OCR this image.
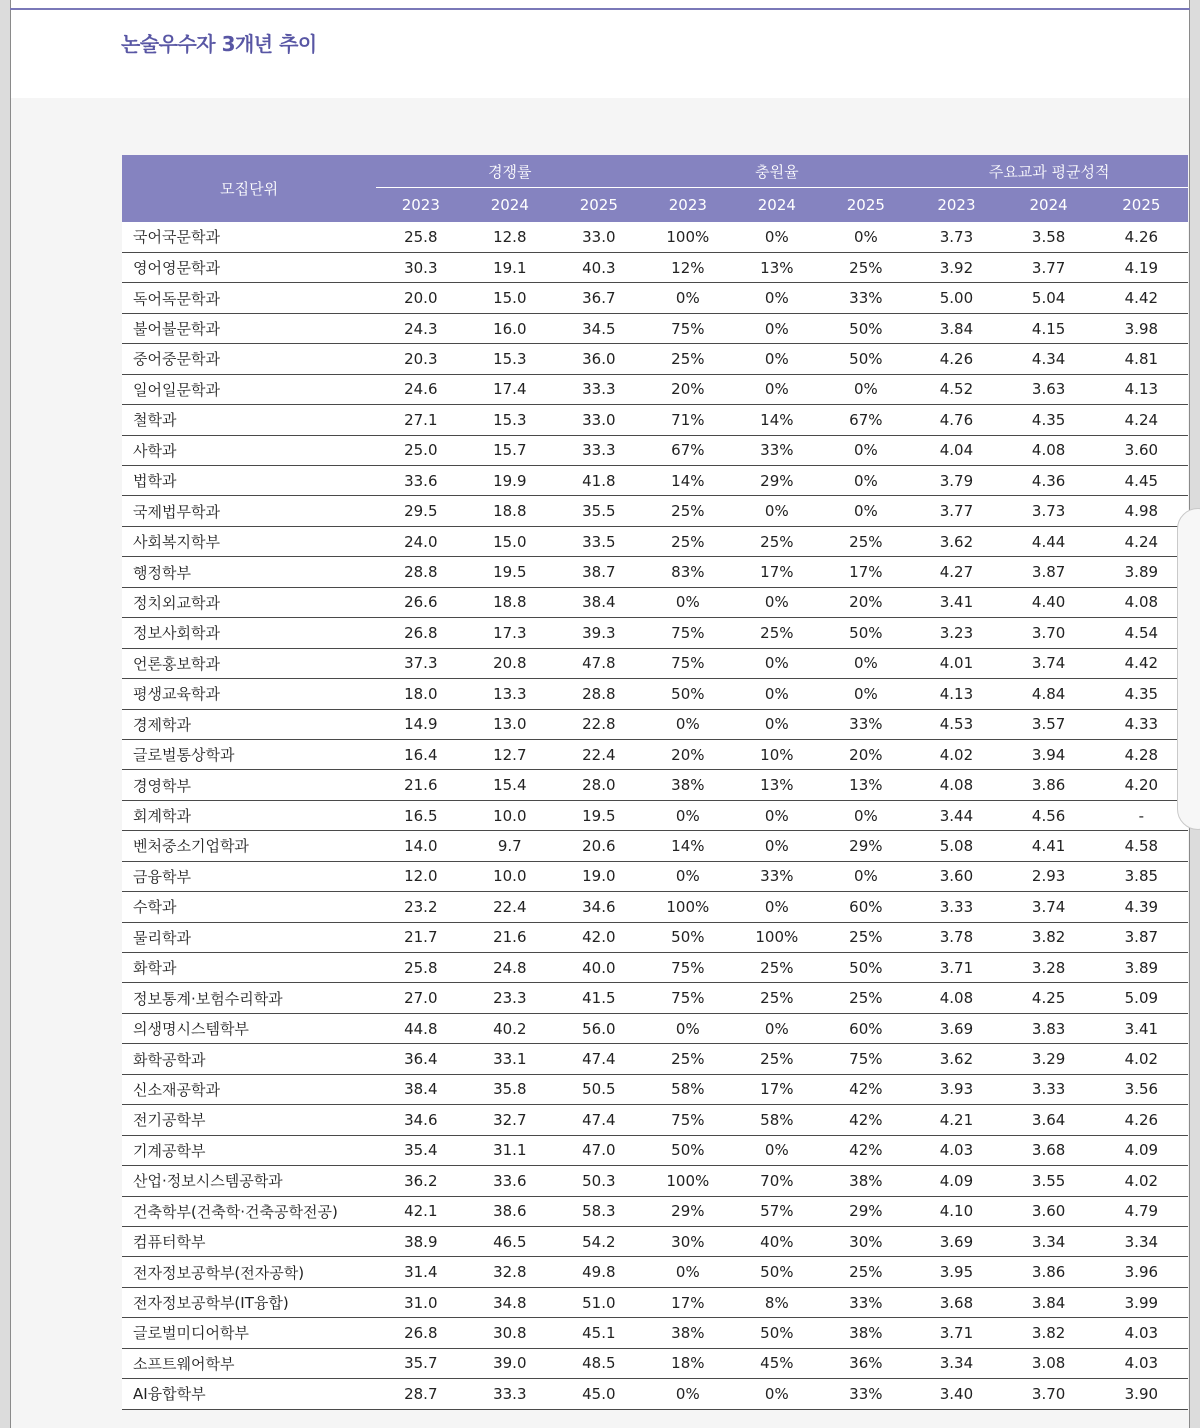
논술우수자 3개년 추이
모집단위	경쟁률			충원율			주요교과 평균성적		
	2023	2024	2025	2023	2024	2025	2023	2024	2025
국어국문학과	25.8	12.8	33.0	100%	0%	0%	3.73	3.58	4.26
영어영문학과	30.3	19.1	40.3	12%	13%	25%	3.92	3.77	4.19
독어독문학과	20.0	15.0	36.7	0%	0%	33%	5.00	5.04	4.42
불어불문학과	24.3	16.0	34.5	75%	0%	50%	3.84	4.15	3.98
중어중문학과	20.3	15.3	36.0	25%	0%	50%	4.26	4.34	4.81
일어일문학과	24.6	17.4	33.3	20%	0%	0%	4.52	3.63	4.13
철학과	27.1	15.3	33.0	71%	14%	67%	4.76	4.35	4.24
사학과	25.0	15.7	33.3	67%	33%	0%	4.04	4.08	3.60
법학과	33.6	19.9	41.8	14%	29%	0%	3.79	4.36	4.45
국제법무학과	29.5	18.8	35.5	25%	0%	0%	3.77	3.73	4.98
사회복지학부	24.0	15.0	33.5	25%	25%	25%	3.62	4.44	4.24
행정학부	28.8	19.5	38.7	83%	17%	17%	4.27	3.87	3.89
정치외교학과	26.6	18.8	38.4	0%	0%	20%	3.41	4.40	4.08
정보사회학과	26.8	17.3	39.3	75%	25%	50%	3.23	3.70	4.54
언론홍보학과	37.3	20.8	47.8	75%	0%	0%	4.01	3.74	4.42
평생교육학과	18.0	13.3	28.8	50%	0%	0%	4.13	4.84	4.35
경제학과	14.9	13.0	22.8	0%	0%	33%	4.53	3.57	4.33
글로벌통상학과	16.4	12.7	22.4	20%	10%	20%	4.02	3.94	4.28
경영학부	21.6	15.4	28.0	38%	13%	13%	4.08	3.86	4.20
회계학과	16.5	10.0	19.5	0%	0%	0%	3.44	4.56	-
벤처중소기업학과	14.0	9.7	20.6	14%	0%	29%	5.08	4.41	4.58
금융학부	12.0	10.0	19.0	0%	33%	0%	3.60	2.93	3.85
수학과	23.2	22.4	34.6	100%	0%	60%	3.33	3.74	4.39
물리학과	21.7	21.6	42.0	50%	100%	25%	3.78	3.82	3.87
화학과	25.8	24.8	40.0	75%	25%	50%	3.71	3.28	3.89
정보통계·보험수리학과	27.0	23.3	41.5	75%	25%	25%	4.08	4.25	5.09
의생명시스템학부	44.8	40.2	56.0	0%	0%	60%	3.69	3.83	3.41
화학공학과	36.4	33.1	47.4	25%	25%	75%	3.62	3.29	4.02
신소재공학과	38.4	35.8	50.5	58%	17%	42%	3.93	3.33	3.56
전기공학부	34.6	32.7	47.4	75%	58%	42%	4.21	3.64	4.26
기계공학부	35.4	31.1	47.0	50%	0%	42%	4.03	3.68	4.09
산업·정보시스템공학과	36.2	33.6	50.3	100%	70%	38%	4.09	3.55	4.02
건축학부(건축학·건축공학전공)	42.1	38.6	58.3	29%	57%	29%	4.10	3.60	4.79
컴퓨터학부	38.9	46.5	54.2	30%	40%	30%	3.69	3.34	3.34
전자정보공학부(전자공학)	31.4	32.8	49.8	0%	50%	25%	3.95	3.86	3.96
전자정보공학부(IT융합)	31.0	34.8	51.0	17%	8%	33%	3.68	3.84	3.99
글로벌미디어학부	26.8	30.8	45.1	38%	50%	38%	3.71	3.82	4.03
소프트웨어학부	35.7	39.0	48.5	18%	45%	36%	3.34	3.08	4.03
AI융합학부	28.7	33.3	45.0	0%	0%	33%	3.40	3.70	3.90
